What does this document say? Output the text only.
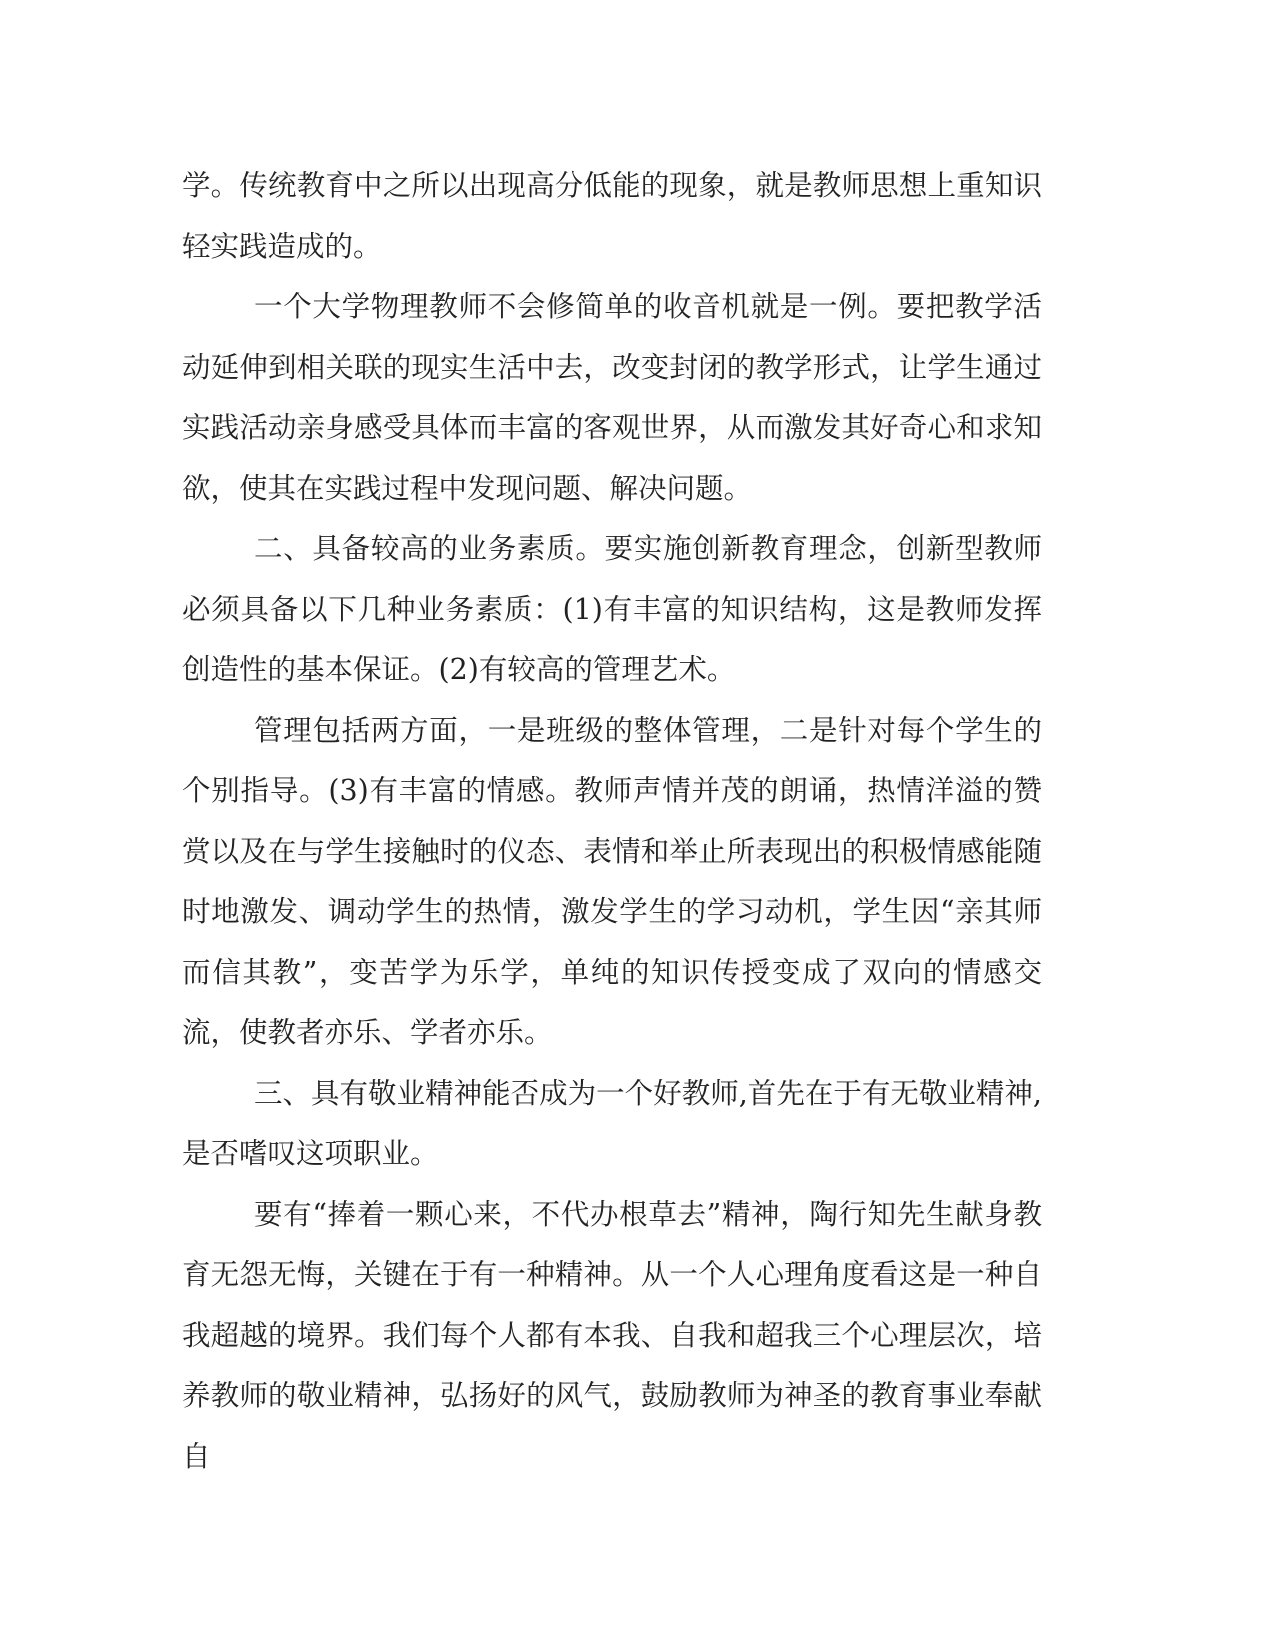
学。传统教育中之所以出现高分低能的现象，就是教师思想上重知识轻实践造成的。

一个大学物理教师不会修简单的收音机就是一例。要把教学活动延伸到相关联的现实生活中去，改变封闭的教学形式，让学生通过实践活动亲身感受具体而丰富的客观世界，从而激发其好奇心和求知欲，使其在实践过程中发现问题、解决问题。

二、具备较高的业务素质。要实施创新教育理念，创新型教师必须具备以下几种业务素质：(1)有丰富的知识结构，这是教师发挥创造性的基本保证。(2)有较高的管理艺术。

管理包括两方面，一是班级的整体管理，二是针对每个学生的个别指导。(3)有丰富的情感。教师声情并茂的朗诵，热情洋溢的赞赏以及在与学生接触时的仪态、表情和举止所表现出的积极情感能随时地激发、调动学生的热情，激发学生的学习动机，学生因“亲其师而信其教”，变苦学为乐学，单纯的知识传授变成了双向的情感交流，使教者亦乐、学者亦乐。

三、具有敬业精神能否成为一个好教师,首先在于有无敬业精神,是否嗜叹这项职业。

要有“捧着一颗心来，不代办根草去”精神，陶行知先生献身教育无怨无悔，关键在于有一种精神。从一个人心理角度看这是一种自我超越的境界。我们每个人都有本我、自我和超我三个心理层次，培养教师的敬业精神，弘扬好的风气，鼓励教师为神圣的教育事业奉献自
